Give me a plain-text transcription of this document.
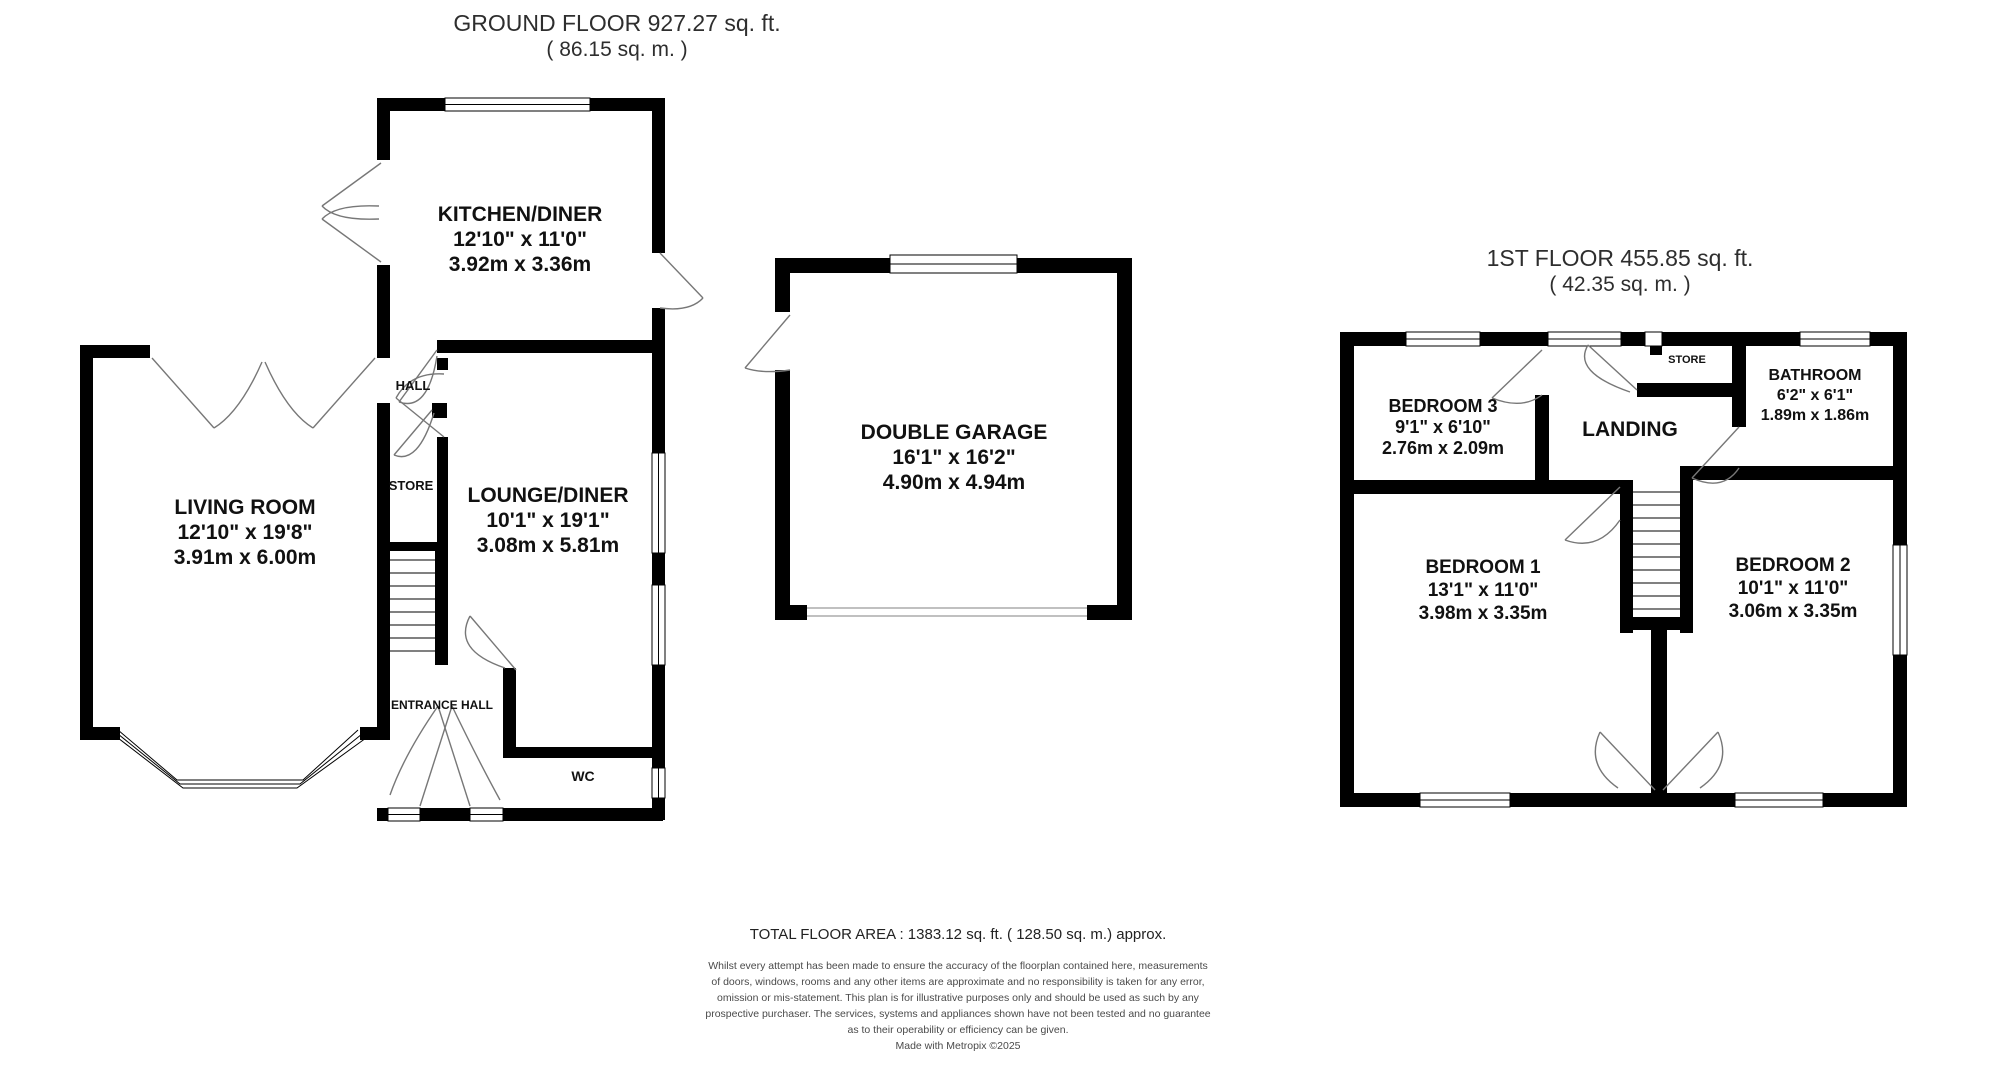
GROUND FLOOR 927.27 sq. ft.
( 86.15 sq. m. )
KITCHEN/DINER
12'10" x 11'0"
3.92m x 3.36m
LIVING ROOM
12'10" x 19'8"
3.91m x 6.00m
LOUNGE/DINER
10'1" x 19'1"
3.08m x 5.81m
HALL
STORE
ENTRANCE HALL
WC
DOUBLE GARAGE
16'1" x 16'2"
4.90m x 4.94m
1ST FLOOR 455.85 sq. ft.
( 42.35 sq. m. )
BEDROOM 3
9'1" x 6'10"
2.76m x 2.09m
BATHROOM
6'2" x 6'1"
1.89m x 1.86m
LANDING
STORE
BEDROOM 1
13'1" x 11'0"
3.98m x 3.35m
BEDROOM 2
10'1" x 11'0"
3.06m x 3.35m
TOTAL FLOOR AREA : 1383.12 sq. ft. ( 128.50 sq. m.) approx.
Whilst every attempt has been made to ensure the accuracy of the floorplan contained here, measurements
of doors, windows, rooms and any other items are approximate and no responsibility is taken for any error,
omission or mis-statement. This plan is for illustrative purposes only and should be used as such by any
prospective purchaser. The services, systems and appliances shown have not been tested and no guarantee
as to their operability or efficiency can be given.
Made with Metropix ©2025
